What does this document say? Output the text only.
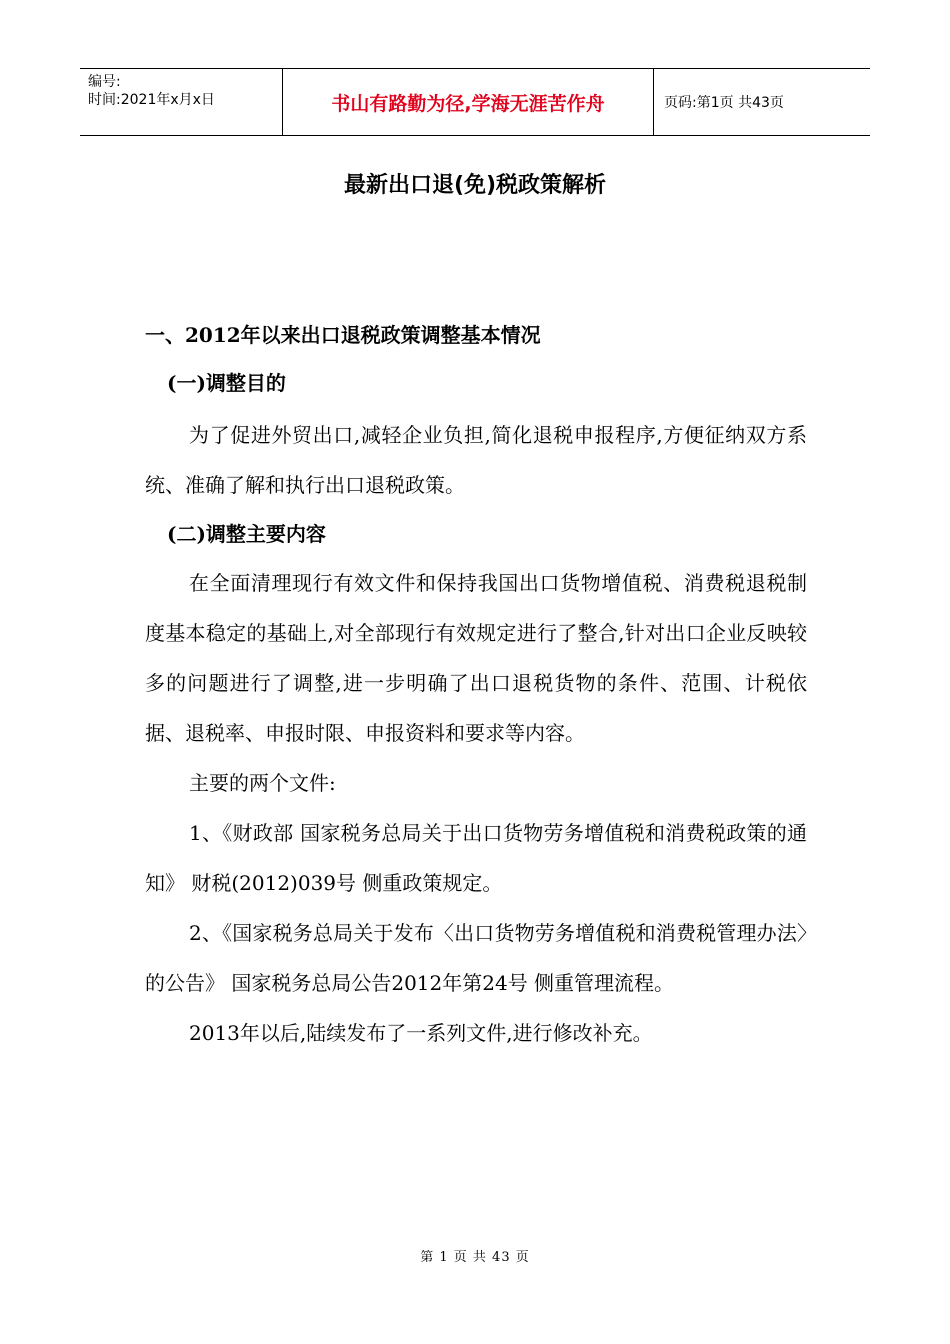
编号:
时间:2021年x月x日	书山有路勤为径,学海无涯苦作舟	页码:第1页 共43页
最新出口退(免)税政策解析

一、2012年以来出口退税政策调整基本情况

(一)调整目的

为了促进外贸出口,减轻企业负担,简化退税申报程序,方便征纳双方系统、准确了解和执行出口退税政策。

(二)调整主要内容

在全面清理现行有效文件和保持我国出口货物增值税、消费税退税制度基本稳定的基础上,对全部现行有效规定进行了整合,针对出口企业反映较多的问题进行了调整,进一步明确了出口退税货物的条件、范围、计税依据、退税率、申报时限、申报资料和要求等内容。

主要的两个文件:

1、《财政部 国家税务总局关于出口货物劳务增值税和消费税政策的通知》 财税(2012)039号 侧重政策规定。

2、《国家税务总局关于发布〈出口货物劳务增值税和消费税管理办法〉的公告》 国家税务总局公告2012年第24号 侧重管理流程。

2013年以后,陆续发布了一系列文件,进行修改补充。

第 1 页 共 43 页
